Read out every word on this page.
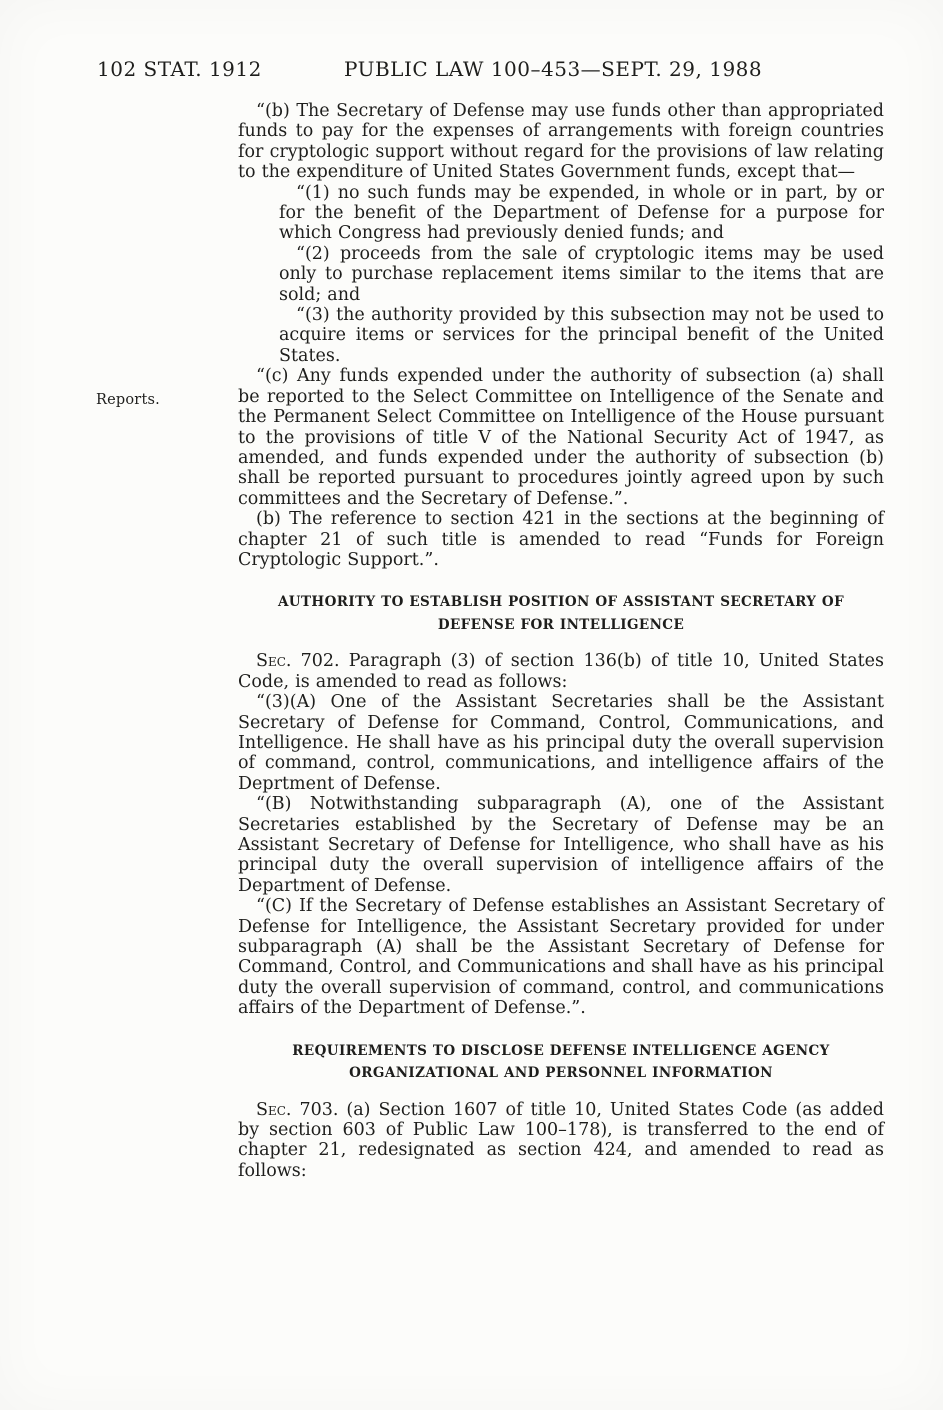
102 STAT. 1912	PUBLIC LAW 100–453—SEPT. 29, 1988
Reports.

“(b) The Secretary of Defense may use funds other than appropriated funds to pay for the expenses of arrangements with foreign countries for cryptologic support without regard for the provisions of law relating to the expenditure of United States Government funds, except that—

“(1) no such funds may be expended, in whole or in part, by or for the benefit of the Department of Defense for a purpose for which Congress had previously denied funds; and

“(2) proceeds from the sale of cryptologic items may be used only to purchase replacement items similar to the items that are sold; and

“(3) the authority provided by this subsection may not be used to acquire items or services for the principal benefit of the United States.

“(c) Any funds expended under the authority of subsection (a) shall be reported to the Select Committee on Intelligence of the Senate and the Permanent Select Committee on Intelligence of the House pursuant to the provisions of title V of the National Security Act of 1947, as amended, and funds expended under the authority of subsection (b) shall be reported pursuant to procedures jointly agreed upon by such committees and the Secretary of Defense.”.

(b) The reference to section 421 in the sections at the beginning of chapter 21 of such title is amended to read “Funds for Foreign Cryptologic Support.”.

AUTHORITY TO ESTABLISH POSITION OF ASSISTANT SECRETARY OF

DEFENSE FOR INTELLIGENCE

Sec. 702. Paragraph (3) of section 136(b) of title 10, United States Code, is amended to read as follows:

“(3)(A) One of the Assistant Secretaries shall be the Assistant Secretary of Defense for Command, Control, Communications, and Intelligence. He shall have as his principal duty the overall supervision of command, control, communications, and intelligence affairs of the Deprtment of Defense.

“(B) Notwithstanding subparagraph (A), one of the Assistant Secretaries established by the Secretary of Defense may be an Assistant Secretary of Defense for Intelligence, who shall have as his principal duty the overall supervision of intelligence affairs of the Department of Defense.

“(C) If the Secretary of Defense establishes an Assistant Secretary of Defense for Intelligence, the Assistant Secretary provided for under subparagraph (A) shall be the Assistant Secretary of Defense for Command, Control, and Communications and shall have as his principal duty the overall supervision of command, control, and communications affairs of the Department of Defense.”.

REQUIREMENTS TO DISCLOSE DEFENSE INTELLIGENCE AGENCY

ORGANIZATIONAL AND PERSONNEL INFORMATION

Sec. 703. (a) Section 1607 of title 10, United States Code (as added by section 603 of Public Law 100–178), is transferred to the end of chapter 21, redesignated as section 424, and amended to read as follows:
